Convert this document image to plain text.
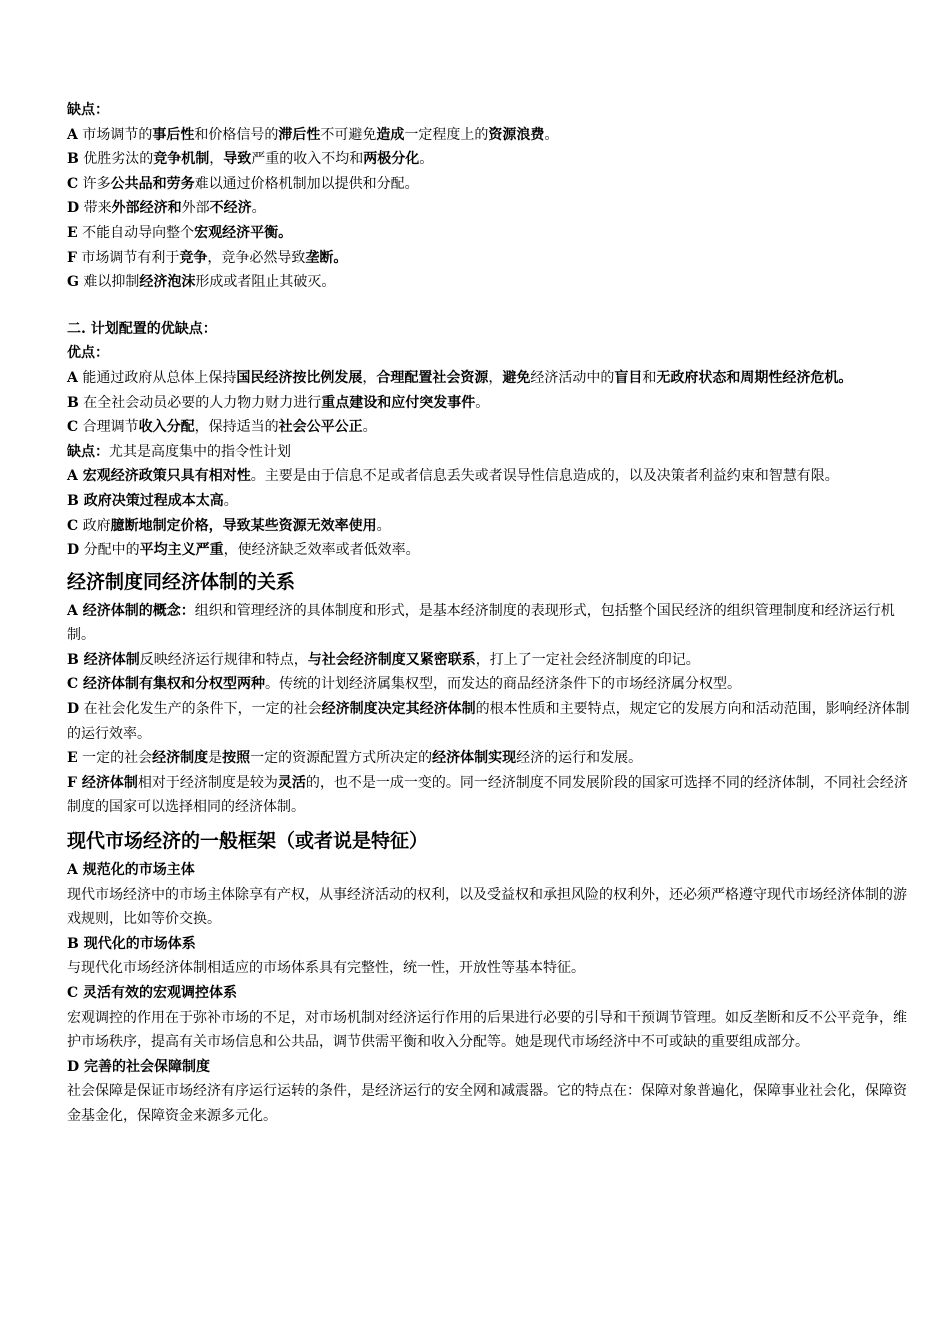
缺点：
A 市场调节的事后性和价格信号的滞后性不可避免造成一定程度上的资源浪费。
B 优胜劣汰的竞争机制，导致严重的收入不均和两极分化。
C 许多公共品和劳务难以通过价格机制加以提供和分配。
D 带来外部经济和外部不经济。
E 不能自动导向整个宏观经济平衡。
F 市场调节有利于竞争，竞争必然导致垄断。
G 难以抑制经济泡沫形成或者阻止其破灭。
二. 计划配置的优缺点：
优点：
A 能通过政府从总体上保持国民经济按比例发展，合理配置社会资源，避免经济活动中的盲目和无政府状态和周期性经济危机。
B 在全社会动员必要的人力物力财力进行重点建设和应付突发事件。
C 合理调节收入分配，保持适当的社会公平公正。
缺点：尤其是高度集中的指令性计划
A 宏观经济政策只具有相对性。主要是由于信息不足或者信息丢失或者误导性信息造成的，以及决策者利益约束和智慧有限。
B 政府决策过程成本太高。
C 政府臆断地制定价格，导致某些资源无效率使用。
D 分配中的平均主义严重，使经济缺乏效率或者低效率。
经济制度同经济体制的关系
A 经济体制的概念：组织和管理经济的具体制度和形式，是基本经济制度的表现形式，包括整个国民经济的组织管理制度和经济运行机制。
B 经济体制反映经济运行规律和特点，与社会经济制度又紧密联系，打上了一定社会经济制度的印记。
C 经济体制有集权和分权型两种。传统的计划经济属集权型，而发达的商品经济条件下的市场经济属分权型。
D 在社会化发生产的条件下，一定的社会经济制度决定其经济体制的根本性质和主要特点，规定它的发展方向和活动范围，影响经济体制的运行效率。
E 一定的社会经济制度是按照一定的资源配置方式所决定的经济体制实现经济的运行和发展。
F 经济体制相对于经济制度是较为灵活的，也不是一成一变的。同一经济制度不同发展阶段的国家可选择不同的经济体制，不同社会经济制度的国家可以选择相同的经济体制。
现代市场经济的一般框架（或者说是特征）
A 规范化的市场主体
现代市场经济中的市场主体除享有产权，从事经济活动的权利，以及受益权和承担风险的权利外，还必须严格遵守现代市场经济体制的游戏规则，比如等价交换。
B 现代化的市场体系
与现代化市场经济体制相适应的市场体系具有完整性，统一性，开放性等基本特征。
C 灵活有效的宏观调控体系
宏观调控的作用在于弥补市场的不足，对市场机制对经济运行作用的后果进行必要的引导和干预调节管理。如反垄断和反不公平竞争，维护市场秩序，提高有关市场信息和公共品，调节供需平衡和收入分配等。她是现代市场经济中不可或缺的重要组成部分。
D 完善的社会保障制度
社会保障是保证市场经济有序运行运转的条件，是经济运行的安全网和减震器。它的特点在：保障对象普遍化，保障事业社会化，保障资金基金化，保障资金来源多元化。
